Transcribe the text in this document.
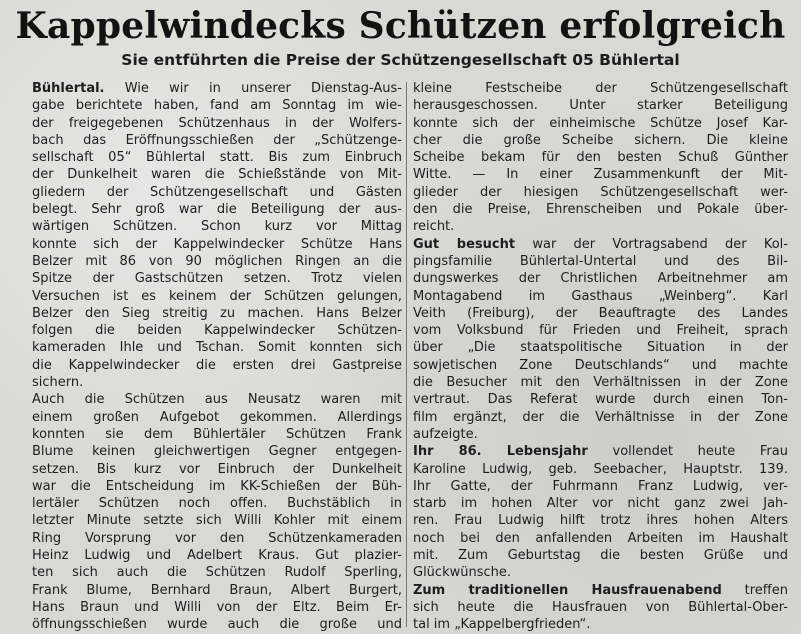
Kappelwindecks Schützen erfolgreich
Sie entführten die Preise der Schützengesellschaft 05 Bühlertal
Bühlertal. Wie wir in unserer Dienstag-Aus-
gabe berichtete haben, fand am Sonntag im wie-
der freigegebenen Schützenhaus in der Wolfers-
bach das Eröffnungsschießen der „Schützenge-
sellschaft 05“ Bühlertal statt. Bis zum Einbruch
der Dunkelheit waren die Schießstände von Mit-
gliedern der Schützengesellschaft und Gästen
belegt. Sehr groß war die Beteiligung der aus-
wärtigen Schützen. Schon kurz vor Mittag
konnte sich der Kappelwindecker Schütze Hans
Belzer mit 86 von 90 möglichen Ringen an die
Spitze der Gastschützen setzen. Trotz vielen
Versuchen ist es keinem der Schützen gelungen,
Belzer den Sieg streitig zu machen. Hans Belzer
folgen die beiden Kappelwindecker Schützen-
kameraden Ihle und Tschan. Somit konnten sich
die Kappelwindecker die ersten drei Gastpreise
sichern.
Auch die Schützen aus Neusatz waren mit
einem großen Aufgebot gekommen. Allerdings
konnten sie dem Bühlertäler Schützen Frank
Blume keinen gleichwertigen Gegner entgegen-
setzen. Bis kurz vor Einbruch der Dunkelheit
war die Entscheidung im KK-Schießen der Büh-
lertäler Schützen noch offen. Buchstäblich in
letzter Minute setzte sich Willi Kohler mit einem
Ring Vorsprung vor den Schützenkameraden
Heinz Ludwig und Adelbert Kraus. Gut plazier-
ten sich auch die Schützen Rudolf Sperling,
Frank Blume, Bernhard Braun, Albert Burgert,
Hans Braun und Willi von der Eltz. Beim Er-
öffnungsschießen wurde auch die große und
kleine Festscheibe der Schützengesellschaft
herausgeschossen. Unter starker Beteiligung
konnte sich der einheimische Schütze Josef Kar-
cher die große Scheibe sichern. Die kleine
Scheibe bekam für den besten Schuß Günther
Witte. — In einer Zusammenkunft der Mit-
glieder der hiesigen Schützengesellschaft wer-
den die Preise, Ehrenscheiben und Pokale über-
reicht.
Gut besucht war der Vortragsabend der Kol-
pingsfamilie Bühlertal-Untertal und des Bil-
dungswerkes der Christlichen Arbeitnehmer am
Montagabend im Gasthaus „Weinberg“. Karl
Veith (Freiburg), der Beauftragte des Landes
vom Volksbund für Frieden und Freiheit, sprach
über „Die staatspolitische Situation in der
sowjetischen Zone Deutschlands“ und machte
die Besucher mit den Verhältnissen in der Zone
vertraut. Das Referat wurde durch einen Ton-
film ergänzt, der die Verhältnisse in der Zone
aufzeigte.
Ihr 86. Lebensjahr vollendet heute Frau
Karoline Ludwig, geb. Seebacher, Hauptstr. 139.
Ihr Gatte, der Fuhrmann Franz Ludwig, ver-
starb im hohen Alter vor nicht ganz zwei Jah-
ren. Frau Ludwig hilft trotz ihres hohen Alters
noch bei den anfallenden Arbeiten im Haushalt
mit. Zum Geburtstag die besten Grüße und
Glückwünsche.
Zum traditionellen Hausfrauenabend treffen
sich heute die Hausfrauen von Bühlertal-Ober-
tal im „Kappelbergfrieden“.
